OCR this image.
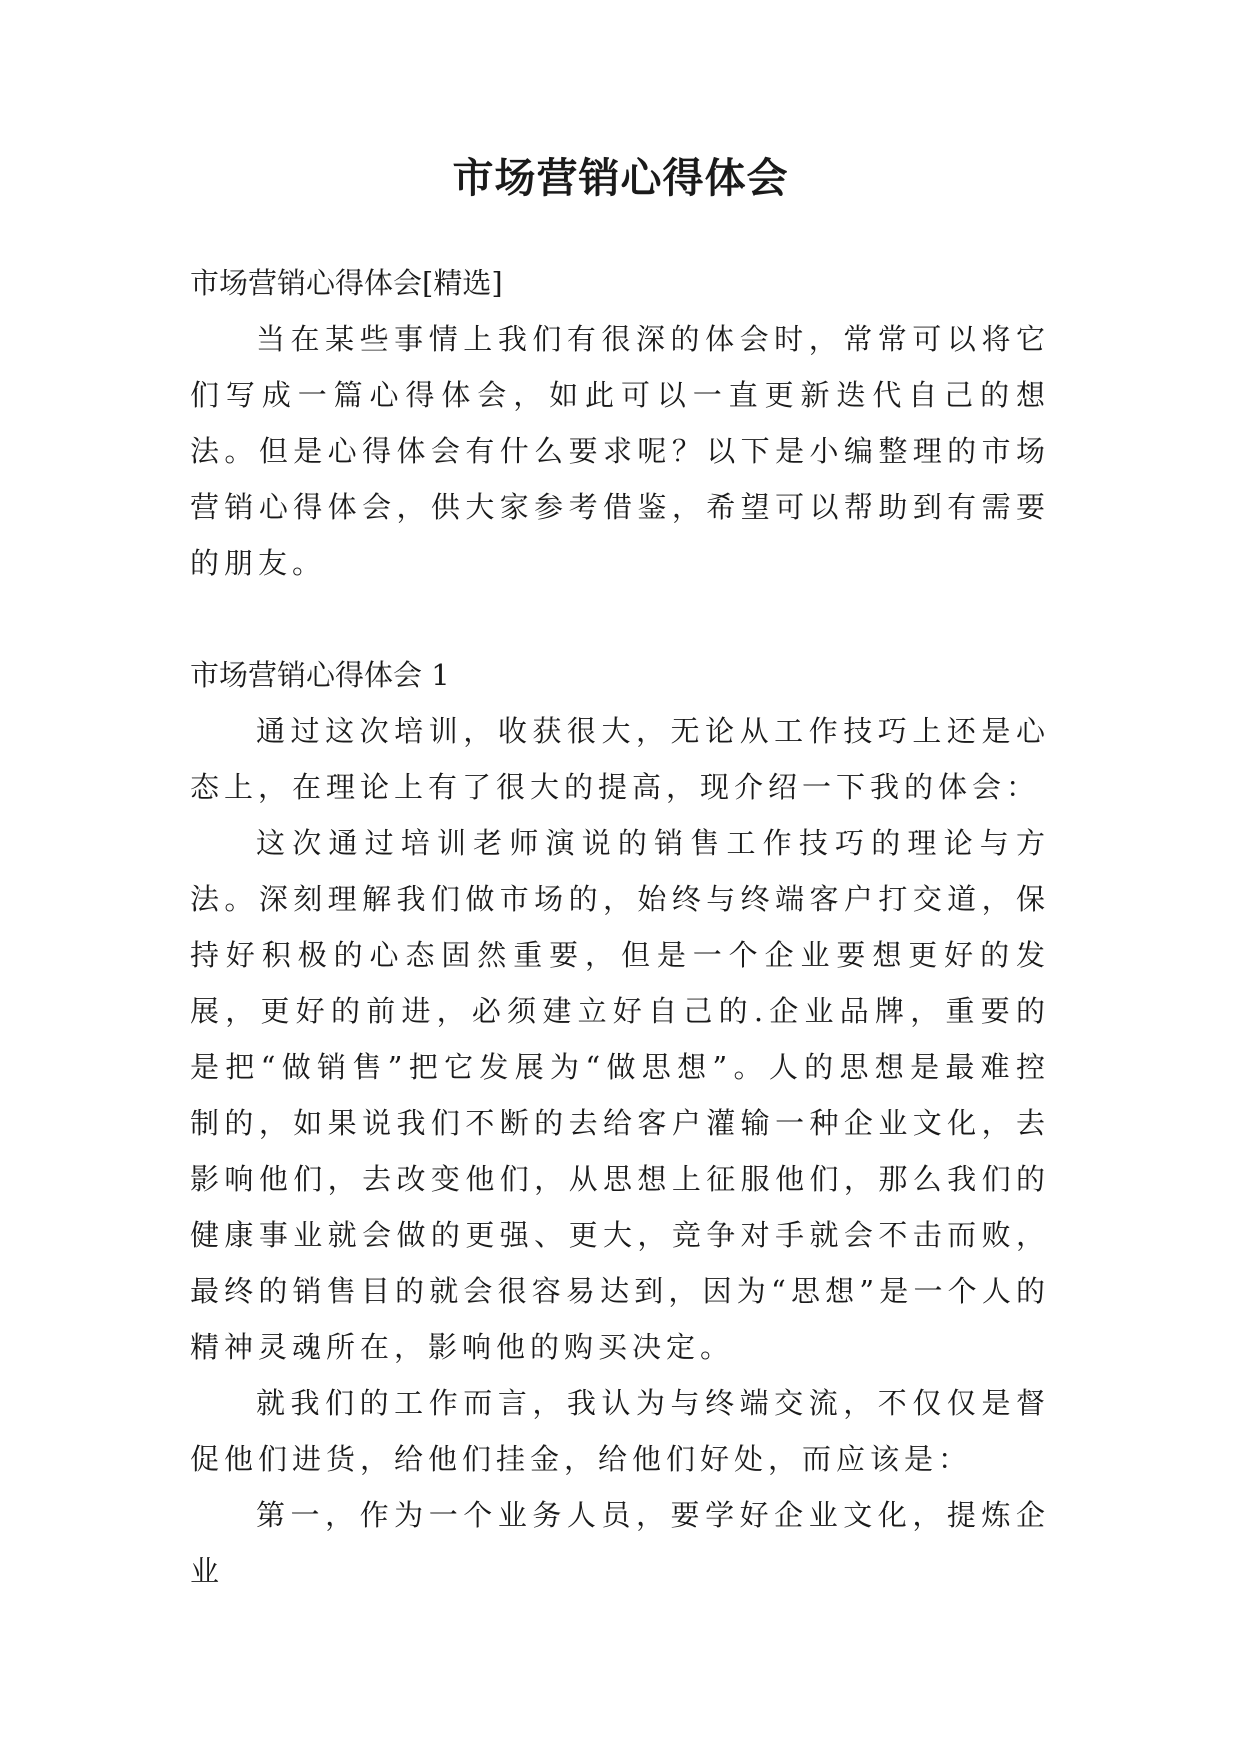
市场营销心得体会

市场营销心得体会[精选]

当在某些事情上我们有很深的体会时，常常可以将它们写成一篇心得体会，如此可以一直更新迭代自己的想法。但是心得体会有什么要求呢？以下是小编整理的市场营销心得体会，供大家参考借鉴，希望可以帮助到有需要的朋友。

市场营销心得体会 1

通过这次培训，收获很大，无论从工作技巧上还是心态上，在理论上有了很大的提高，现介绍一下我的体会：

这次通过培训老师演说的销售工作技巧的理论与方法。深刻理解我们做市场的，始终与终端客户打交道，保持好积极的心态固然重要，但是一个企业要想更好的发展，更好的前进，必须建立好自己的.企业品牌，重要的是把“做销售”把它发展为“做思想”。人的思想是最难控制的，如果说我们不断的去给客户灌输一种企业文化，去影响他们，去改变他们，从思想上征服他们，那么我们的健康事业就会做的更强、更大，竞争对手就会不击而败，最终的销售目的就会很容易达到，因为“思想”是一个人的精神灵魂所在，影响他的购买决定。

就我们的工作而言，我认为与终端交流，不仅仅是督促他们进货，给他们挂金，给他们好处，而应该是：

第一，作为一个业务人员，要学好企业文化，提炼企业
